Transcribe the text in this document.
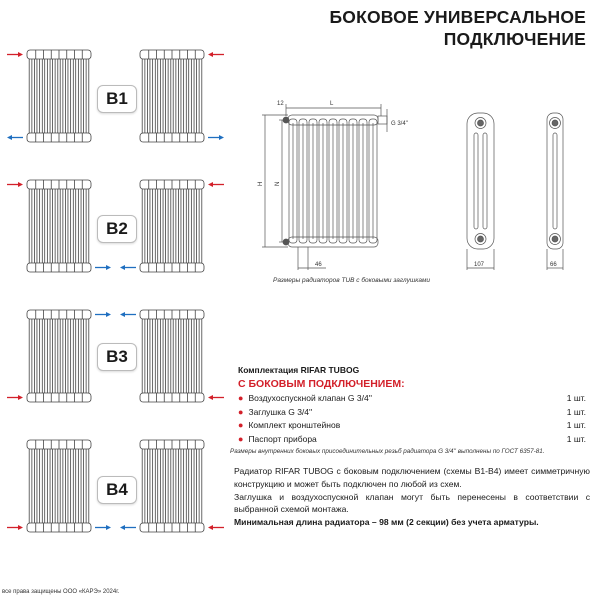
БОКОВОЕ УНИВЕРСАЛЬНОЕ
ПОДКЛЮЧЕНИЕ
B1
B2
B3
B4
12	L
H N
46
G 3/4''
107	66
Размеры радиаторов TUB с боковыми заглушками
Комплектация RIFAR TUBOG
С БОКОВЫМ ПОДКЛЮЧЕНИЕМ:
● Воздухоспускной клапан G 3/4''	1 шт.
● Заглушка G 3/4''	1 шт.
● Комплект кронштейнов	1 шт.
● Паспорт прибора	1 шт.
Размеры внутренних боковых присоединительных резьб радиатора G 3/4'' выполнены по ГОСТ 6357-81.

Радиатор RIFAR TUBOG с боковым подключением (схемы В1-В4) имеет симметричную конструкцию и может быть подключен по любой из схем.

Заглушка и воздухоспускной клапан могут быть перенесены в соответствии с выбранной схемой монтажа.

Минимальная длина радиатора – 98 мм (2 секции) без учета арматуры.

все права защищены ООО «КАРЭ» 2024г.
